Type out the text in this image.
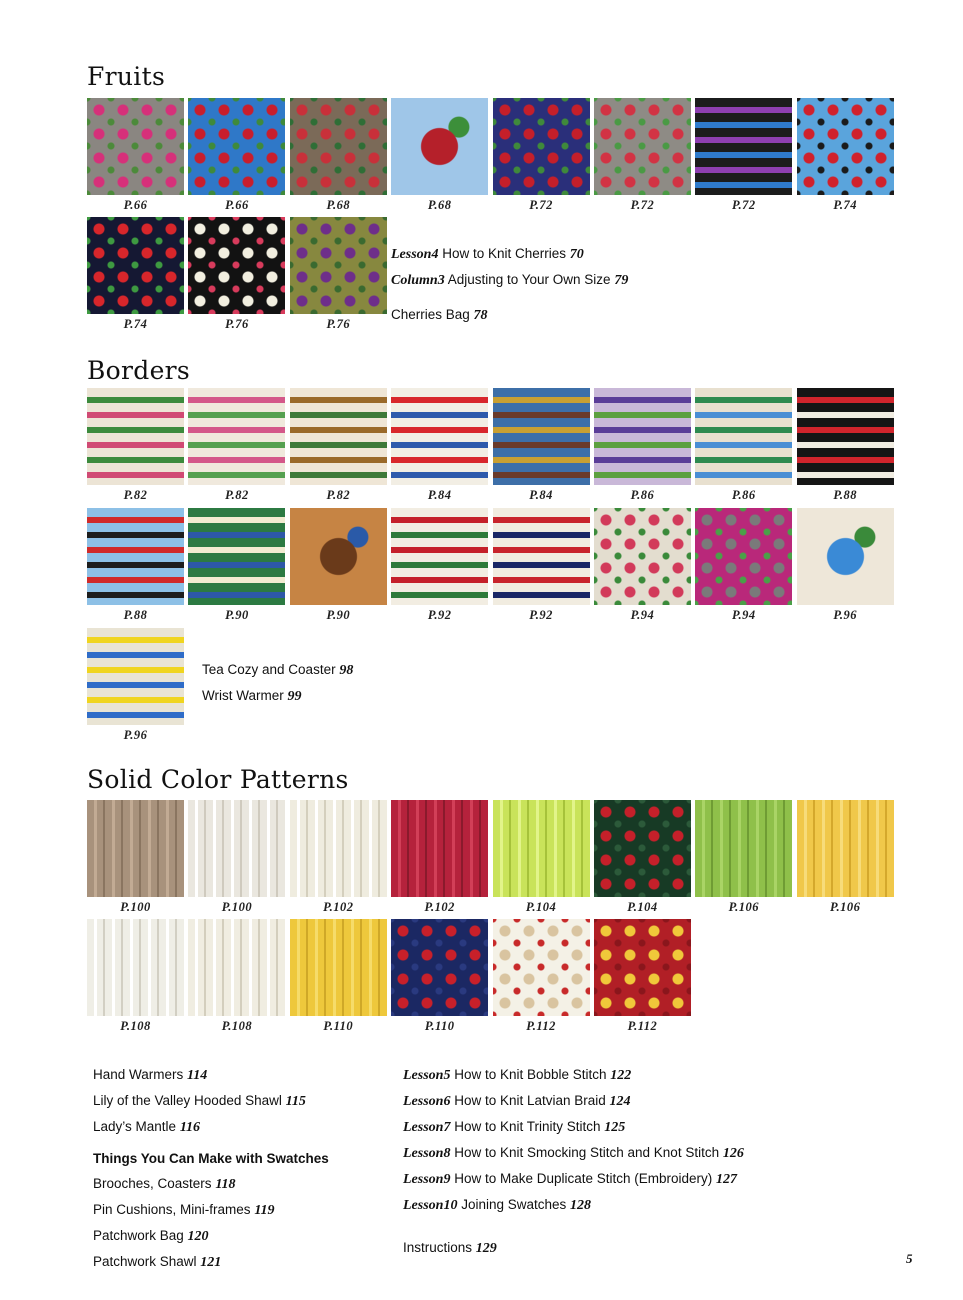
Fruits
P.66	P.66	P.68	P.68	P.72	P.72	P.72	P.74
P.74	P.76	P.76
Lesson4 How to Knit Cherries 70
Column3 Adjusting to Your Own Size 79
Cherries Bag 78
Borders
P.82	P.82	P.82	P.84	P.84	P.86	P.86	P.88
P.88	P.90	P.90	P.92	P.92	P.94	P.94	P.96
P.96
Tea Cozy and Coaster 98
Wrist Warmer 99
Solid Color Patterns
P.100	P.100	P.102	P.102	P.104	P.104	P.106	P.106
P.108	P.108	P.110	P.110	P.112	P.112
Hand Warmers 114
Lily of the Valley Hooded Shawl 115
Lady’s Mantle 116
Things You Can Make with Swatches
Brooches, Coasters 118
Pin Cushions, Mini-frames 119
Patchwork Bag 120
Patchwork Shawl 121
Lesson5 How to Knit Bobble Stitch 122
Lesson6 How to Knit Latvian Braid 124
Lesson7 How to Knit Trinity Stitch 125
Lesson8 How to Knit Smocking Stitch and Knot Stitch 126
Lesson9 How to Make Duplicate Stitch (Embroidery) 127
Lesson10 Joining Swatches 128
Instructions 129
5
